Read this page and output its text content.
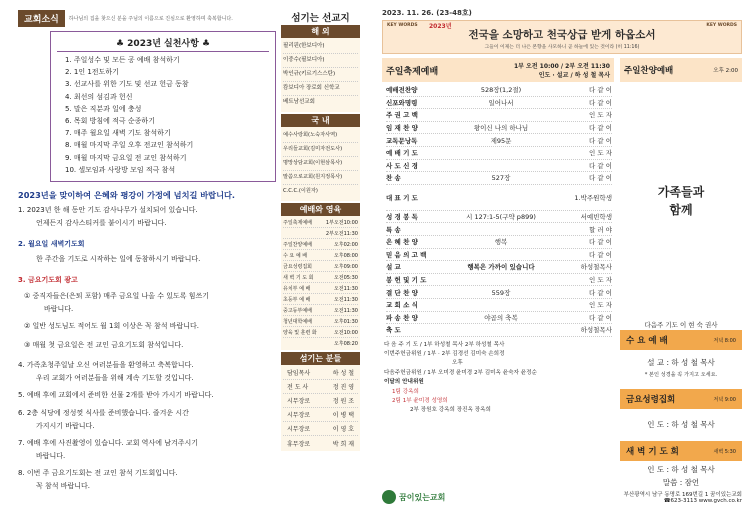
교회소식	하나님의 집을 찾으신 분을 주님의 이름으로 진심으로 환영하며 축복합니다.
♣ 2023년 실천사항 ♣
1. 주일성수 및 모든 공 예배 참석하기
2. 1인 1전도하기
3. 선교사를 위한 기도 및 선교 헌금 동참
4. 최선의 섬김과 헌신
5. 말은 직분과 일에 충성
6. 목회 방침에 적극 순종하기
7. 매주 월요일 새벽 기도 참석하기
8. 매월 마지막 주일 오후 전교인 참석하기
9. 매월 마지막 금요일 전 교인 참석하기
10. 셀모임과 사랑방 모임 적극 참석
2023년을 맞이하여 은혜와 평강이 가정에 넘치길 바랍니다.
1. 2023년 한 해 동안 기도 감사나무가 설치되어 있습니다.
언제든지 감사스티커를 붙이시기 바랍니다.
2. 월요일 새벽기도회
한 주간을 기도로 시작하는 일에 동참하시기 바랍니다.
3. 금요기도회 광고
① 중직자들은(은퇴 포함) 매주 금요일 나올 수 있도록 힘쓰기
바랍니다.
② 일반 성도님도 적어도 월 1회 이상은 꼭 참석 바랍니다.
③ 매월 첫 금요일은 전 교인 금요기도회 참석입니다.
4. 가족초청주일날 오신 여러분들을 환영하고 축복합니다.
우리 교회가 여러분들을 위해 계속 기도할 것입니다.
5. 예배 후에 교회에서 준비한 선물 2개를 받아 가시기 바랍니다.
6. 2층 식당에 정성껏 식사를 준비했습니다. 즐겨운 시간
가지시기 바랍니다.
7. 예배 후에 사진촬영이 있습니다. 교회 역사에 남겨주시기
바랍니다.
8. 이번 주 금요기도회는 전 교인 참석 기도회입니다.
꼭 참석 바랍니다.
섬기는 선교지
해 외
필리핀(한보디아)
이중수(필보디아)
박인규(키르기스스탄)
캄보디아 장로회 신학교
베트남선교회
국 내
예수사랑회(노숙자사역)
우리들교회(김미자전도사)
명망상담교회(이현삼목사)
말씀으로교회(원지정목사)
C.C.C.(이원자)
예배와 영육
주일축제예배	1부오전10:00
2부오전11:30
주일찬양예배	오후02:00
수 요 예 배	오후08:00
금요성령집회	오후09:00
새 벽 기 도 회	오전05:30
유치부 예 배	오전11:30
초등부 예 배	오전11:30
중고등부예배	오전11:30
청년대학예배	오후01:30
양육 및 훈련 화	오전10:00
오후08:20
섬기는 분들
담임목사	하 성 철
전 도 사	정 진 영
시무장로	정 원 조
시무장로	이 병 택
시무장로	이 영 호
휴무장로	박 희 재
2023. 11. 26. (23-48호)
KEY WORDS	KEY WORDS
2023년
전국을 소망하고 천국상급 받게 하옵소서
그들이 이제는 더 나은 본향을 사모하니 곧 하늘에 있는 것이라 (히 11:16)
주일축제예배	1부 오전 10:00 / 2부 오전 11:30
인도 · 설교 / 하 성 철 목사
예배전찬양	528장(1,2절)	다 같 이
신포와명령	일어나서	다 같 이
주 권 고 백	인 도 자
임 재 찬 양	왕이신 나의 하나님	다 같 이
교독문낭독	제95문	다 같 이
예 배 기 도	인 도 자
사 도 신 경	다 같 이
찬 송	527장	다 같 이
대 표 기 도	1.박주원학생
성 경 봉 독	시 127:1-5(구약 p899)	서예빈학생
특 송	할 러 야
은 혜 찬 양	행복	다 같 이
믿 음 의 고 백	다 같 이
설 교	행복은 가까이 있습니다	하성철목사
봉 헌 및 기 도	인 도 자
결 단 찬 양	559장	다 같 이
교 회 소 식	인 도 자
파 송 찬 양	야곱의 축복	다 같 이
축 도	하성철목사
다 음 주 기 도 / 1부 하성철 목사 2부 하성철 목사
이번주헌금위원 / 1부 · 2부 김경선 김미숙 손희정
오후
다음주헌금위원 / 1부 오미경 윤미경 2부 김미옥 윤숙자 윤정순
이달의 안내위원
1팀 강옥희
2팀 1부 윤미경 성영희
2부 장원호 강옥희 장진옥 장옥희
주일찬양예배	오후 2:00
가족들과 함께
다음주 기도 이 현 숙 권사
수 요 예 배	저녁 8:00
설 교 : 하 성 철 목사
* 본인 성경을 꼭 가지고 오세요.
금요성령집회	저녁 9:00
인 도 : 하 성 철 목사
새 벽 기 도 회	새벽 5:30
인 도 : 하 성 철 목사
말씀 : 잠언
꿈이있는교회	부산광역시 남구 동명로 169번길 1 꿈이있는교회
☎623-3113 www.gvch.co.kr
